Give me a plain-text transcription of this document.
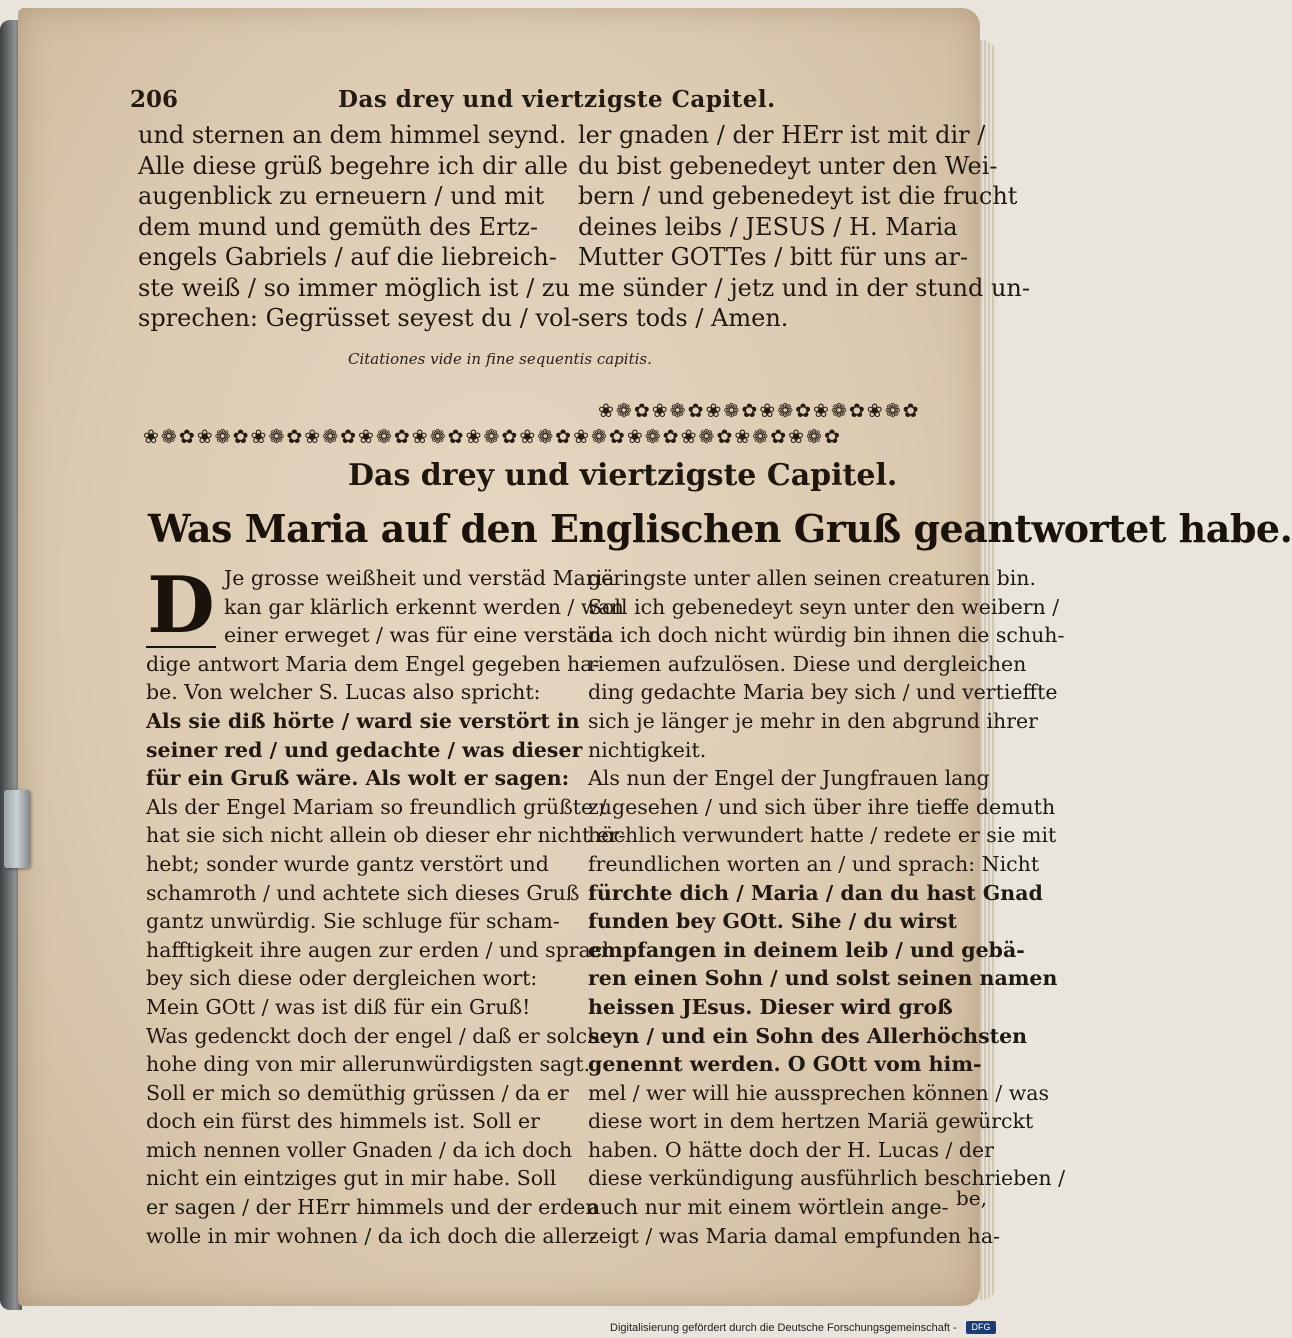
206	Das drey und viertzigste Capitel.

und sternen an dem himmel seynd.

Alle diese grüß begehre ich dir alle

augenblick zu erneuern / und mit

dem mund und gemüth des Ertz-

engels Gabriels / auf die liebreich-

ste weiß / so immer möglich ist / zu

sprechen: Gegrüsset seyest du / vol-

ler gnaden / der HErr ist mit dir /

du bist gebenedeyt unter den Wei-

bern / und gebenedeyt ist die frucht

deines leibs / JESUS / H. Maria

Mutter GOTTes / bitt für uns ar-

me sünder / jetz und in der stund un-

sers tods / Amen.

Citationes vide in fine sequentis capitis.
❀❁✿❀❁✿❀❁✿❀❁✿❀❁✿❀❁✿
❀❁✿❀❁✿❀❁✿❀❁✿❀❁✿❀❁✿❀❁✿❀❁✿❀❁✿❀❁✿❀❁✿❀❁✿❀❁✿
Das drey und viertzigste Capitel.
Was Maria auf den Englischen Gruß geantwortet habe.
D Je grosse weißheit und verstäd Mariä

kan gar klärlich erkennt werden / wan

einer erweget / was für eine verstän-

dige antwort Maria dem Engel gegeben ha-

be. Von welcher S. Lucas also spricht:

Als sie diß hörte / ward sie verstört in

seiner red / und gedachte / was dieser

für ein Gruß wäre. Als wolt er sagen:

Als der Engel Mariam so freundlich grüßte /

hat sie sich nicht allein ob dieser ehr nicht er-

hebt; sonder wurde gantz verstört und

schamroth / und achtete sich dieses Gruß

gantz unwürdig. Sie schluge für scham-

hafftigkeit ihre augen zur erden / und sprach

bey sich diese oder dergleichen wort:

Mein GOtt / was ist diß für ein Gruß!

Was gedenckt doch der engel / daß er solche

hohe ding von mir allerunwürdigsten sagt.

Soll er mich so demüthig grüssen / da er

doch ein fürst des himmels ist. Soll er

mich nennen voller Gnaden / da ich doch

nicht ein eintziges gut in mir habe. Soll

er sagen / der HErr himmels und der erden

wolle in mir wohnen / da ich doch die aller-

geringste unter allen seinen creaturen bin.

Soll ich gebenedeyt seyn unter den weibern /

da ich doch nicht würdig bin ihnen die schuh-

riemen aufzulösen. Diese und dergleichen

ding gedachte Maria bey sich / und vertieffte

sich je länger je mehr in den abgrund ihrer

nichtigkeit.

Als nun der Engel der Jungfrauen lang

zugesehen / und sich über ihre tieffe demuth

höchlich verwundert hatte / redete er sie mit

freundlichen worten an / und sprach: Nicht

fürchte dich / Maria / dan du hast Gnad

funden bey GOtt. Sihe / du wirst

empfangen in deinem leib / und gebä-

ren einen Sohn / und solst seinen namen

heissen JEsus. Dieser wird groß

seyn / und ein Sohn des Allerhöchsten

genennt werden. O GOtt vom him-

mel / wer will hie aussprechen können / was

diese wort in dem hertzen Mariä gewürckt

haben. O hätte doch der H. Lucas / der

diese verkündigung ausführlich beschrieben /

auch nur mit einem wörtlein ange-

zeigt / was Maria damal empfunden ha-

be,
Digitalisierung gefördert durch die Deutsche Forschungsgemeinschaft -	DFG
